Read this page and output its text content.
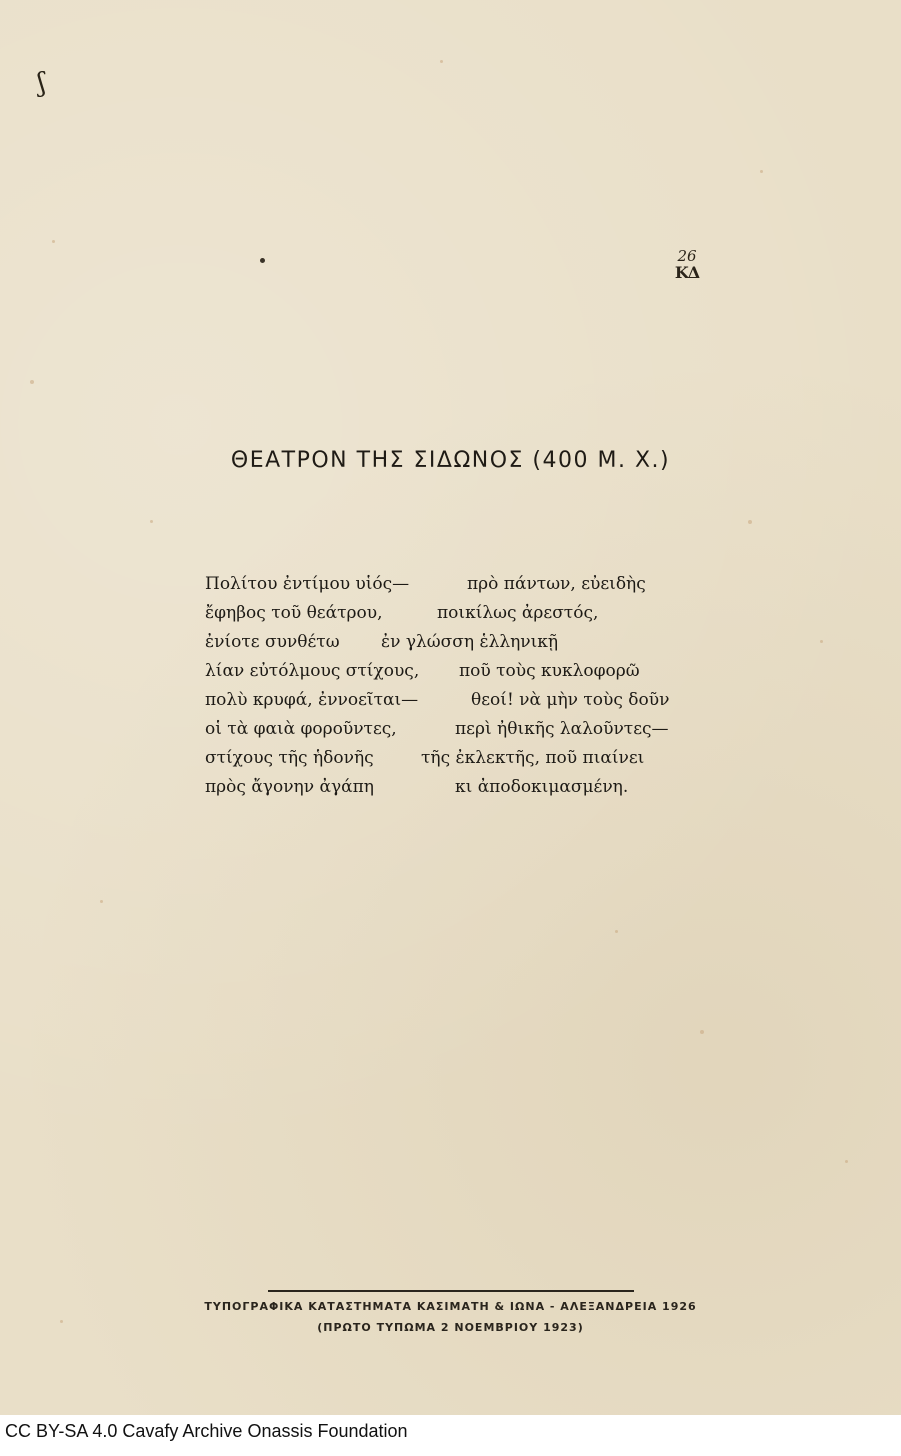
ʃ
26
ΚΔ
ΘΕΑΤΡΟΝ ΤΗΣ ΣΙΔΩΝΟΣ (400 Μ. Χ.)
Πολίτου ἐντίμου υἱός—	πρὸ πάντων, εὐειδὴς
ἔφηβος τοῦ θεάτρου,	ποικίλως ἀρεστός,
ἐνίοτε συνθέτω ἐν γλώσση ἑλληνικῇ
λίαν εὐτόλμους στίχους, ποῦ τοὺς κυκλοφορῶ
πολὺ κρυφά, ἐννοεῖται—	θεοί! νὰ μὴν τοὺς δοῦν
οἱ τὰ φαιὰ φοροῦντες,	περὶ ἠθικῆς λαλοῦντες—
στίχους τῆς ἡδονῆς	τῆς ἐκλεκτῆς, ποῦ πιαίνει
πρὸς ἄγονην ἀγάπη	κι ἀποδοκιμασμένη.
ΤΥΠΟΓΡΑΦΙΚΑ ΚΑΤΑΣΤΗΜΑΤΑ ΚΑΣΙΜΑΤΗ & ΙΩΝΑ - ΑΛΕΞΑΝΔΡΕΙΑ 1926
(ΠΡΩΤΟ ΤΥΠΩΜΑ 2 ΝΟΕΜΒΡΙΟΥ 1923)
CC BY-SA 4.0 Cavafy Archive Onassis Foundation
